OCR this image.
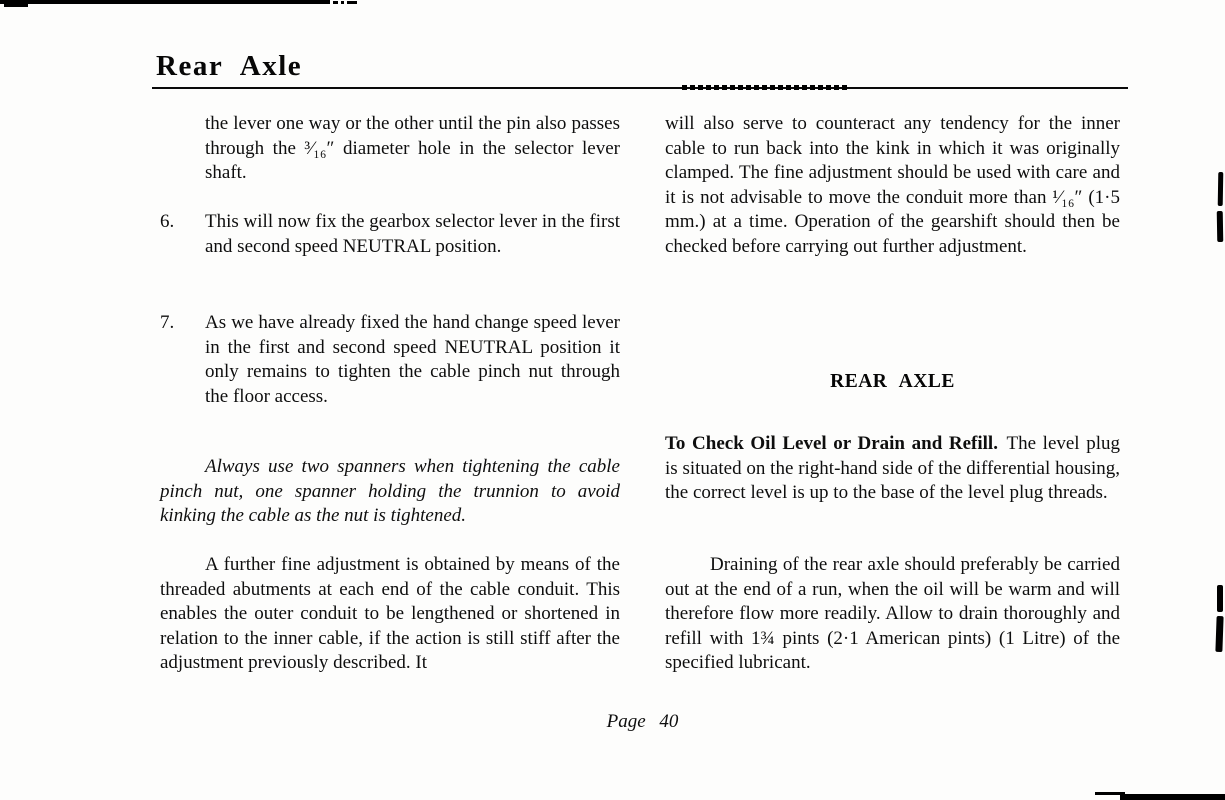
Rear Axle
the lever one way or the other until the pin also passes through the ³⁄₁₆″ diameter hole in the selector lever shaft.
6.	This will now fix the gearbox selector lever in the first and second speed NEUTRAL position.
7.	As we have already fixed the hand change speed lever in the first and second speed NEUTRAL position it only remains to tighten the cable pinch nut through the floor access.
Always use two spanners when tightening the cable pinch nut, one spanner holding the trunnion to avoid kinking the cable as the nut is tightened.
A further fine adjustment is obtained by means of the threaded abutments at each end of the cable conduit. This enables the outer conduit to be lengthened or shortened in relation to the inner cable, if the action is still stiff after the adjustment previously described. It
will also serve to counteract any tendency for the inner cable to run back into the kink in which it was originally clamped. The fine adjustment should be used with care and it is not advisable to move the conduit more than ¹⁄₁₆″ (1·5 mm.) at a time. Operation of the gearshift should then be checked before carrying out further adjustment.
REAR AXLE
To Check Oil Level or Drain and Refill. The level plug is situated on the right-hand side of the differential housing, the correct level is up to the base of the level plug threads.
Draining of the rear axle should preferably be carried out at the end of a run, when the oil will be warm and will therefore flow more readily. Allow to drain thoroughly and refill with 1¾ pints (2·1 American pints) (1 Litre) of the specified lubricant.
Page 40
